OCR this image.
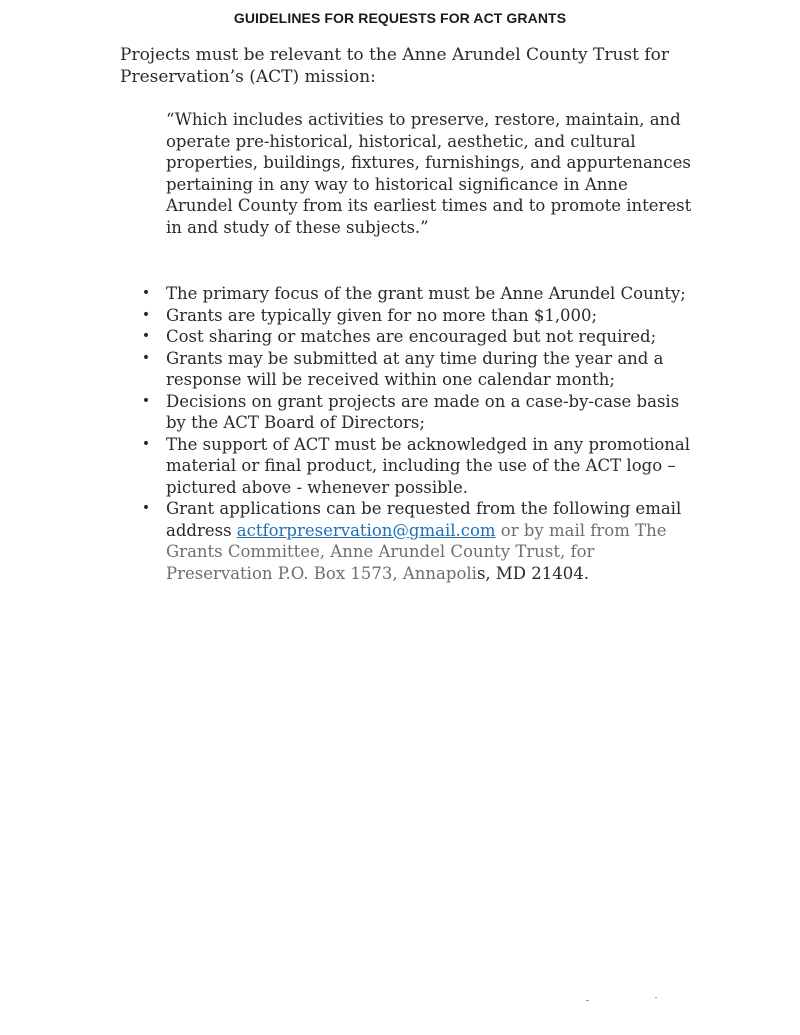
GUIDELINES FOR REQUESTS FOR ACT GRANTS

Projects must be relevant to the Anne Arundel County Trust for Preservation’s (ACT) mission:

“Which includes activities to preserve, restore, maintain, and operate pre-historical, historical, aesthetic, and cultural properties, buildings, fixtures, furnishings, and appurtenances pertaining in any way to historical significance in Anne Arundel County from its earliest times and to promote interest in and study of these subjects.”

• The primary focus of the grant must be Anne Arundel County;
• Grants are typically given for no more than $1,000;
• Cost sharing or matches are encouraged but not required;
• Grants may be submitted at any time during the year and a response will be received within one calendar month;
• Decisions on grant projects are made on a case-by-case basis by the ACT Board of Directors;
• The support of ACT must be acknowledged in any promotional material or final product, including the use of the ACT logo – pictured above - whenever possible.
• Grant applications can be requested from the following email address actforpreservation@gmail.com or by mail from The Grants Committee, Anne Arundel County Trust, for Preservation P.O. Box 1573, Annapolis, MD 21404.
